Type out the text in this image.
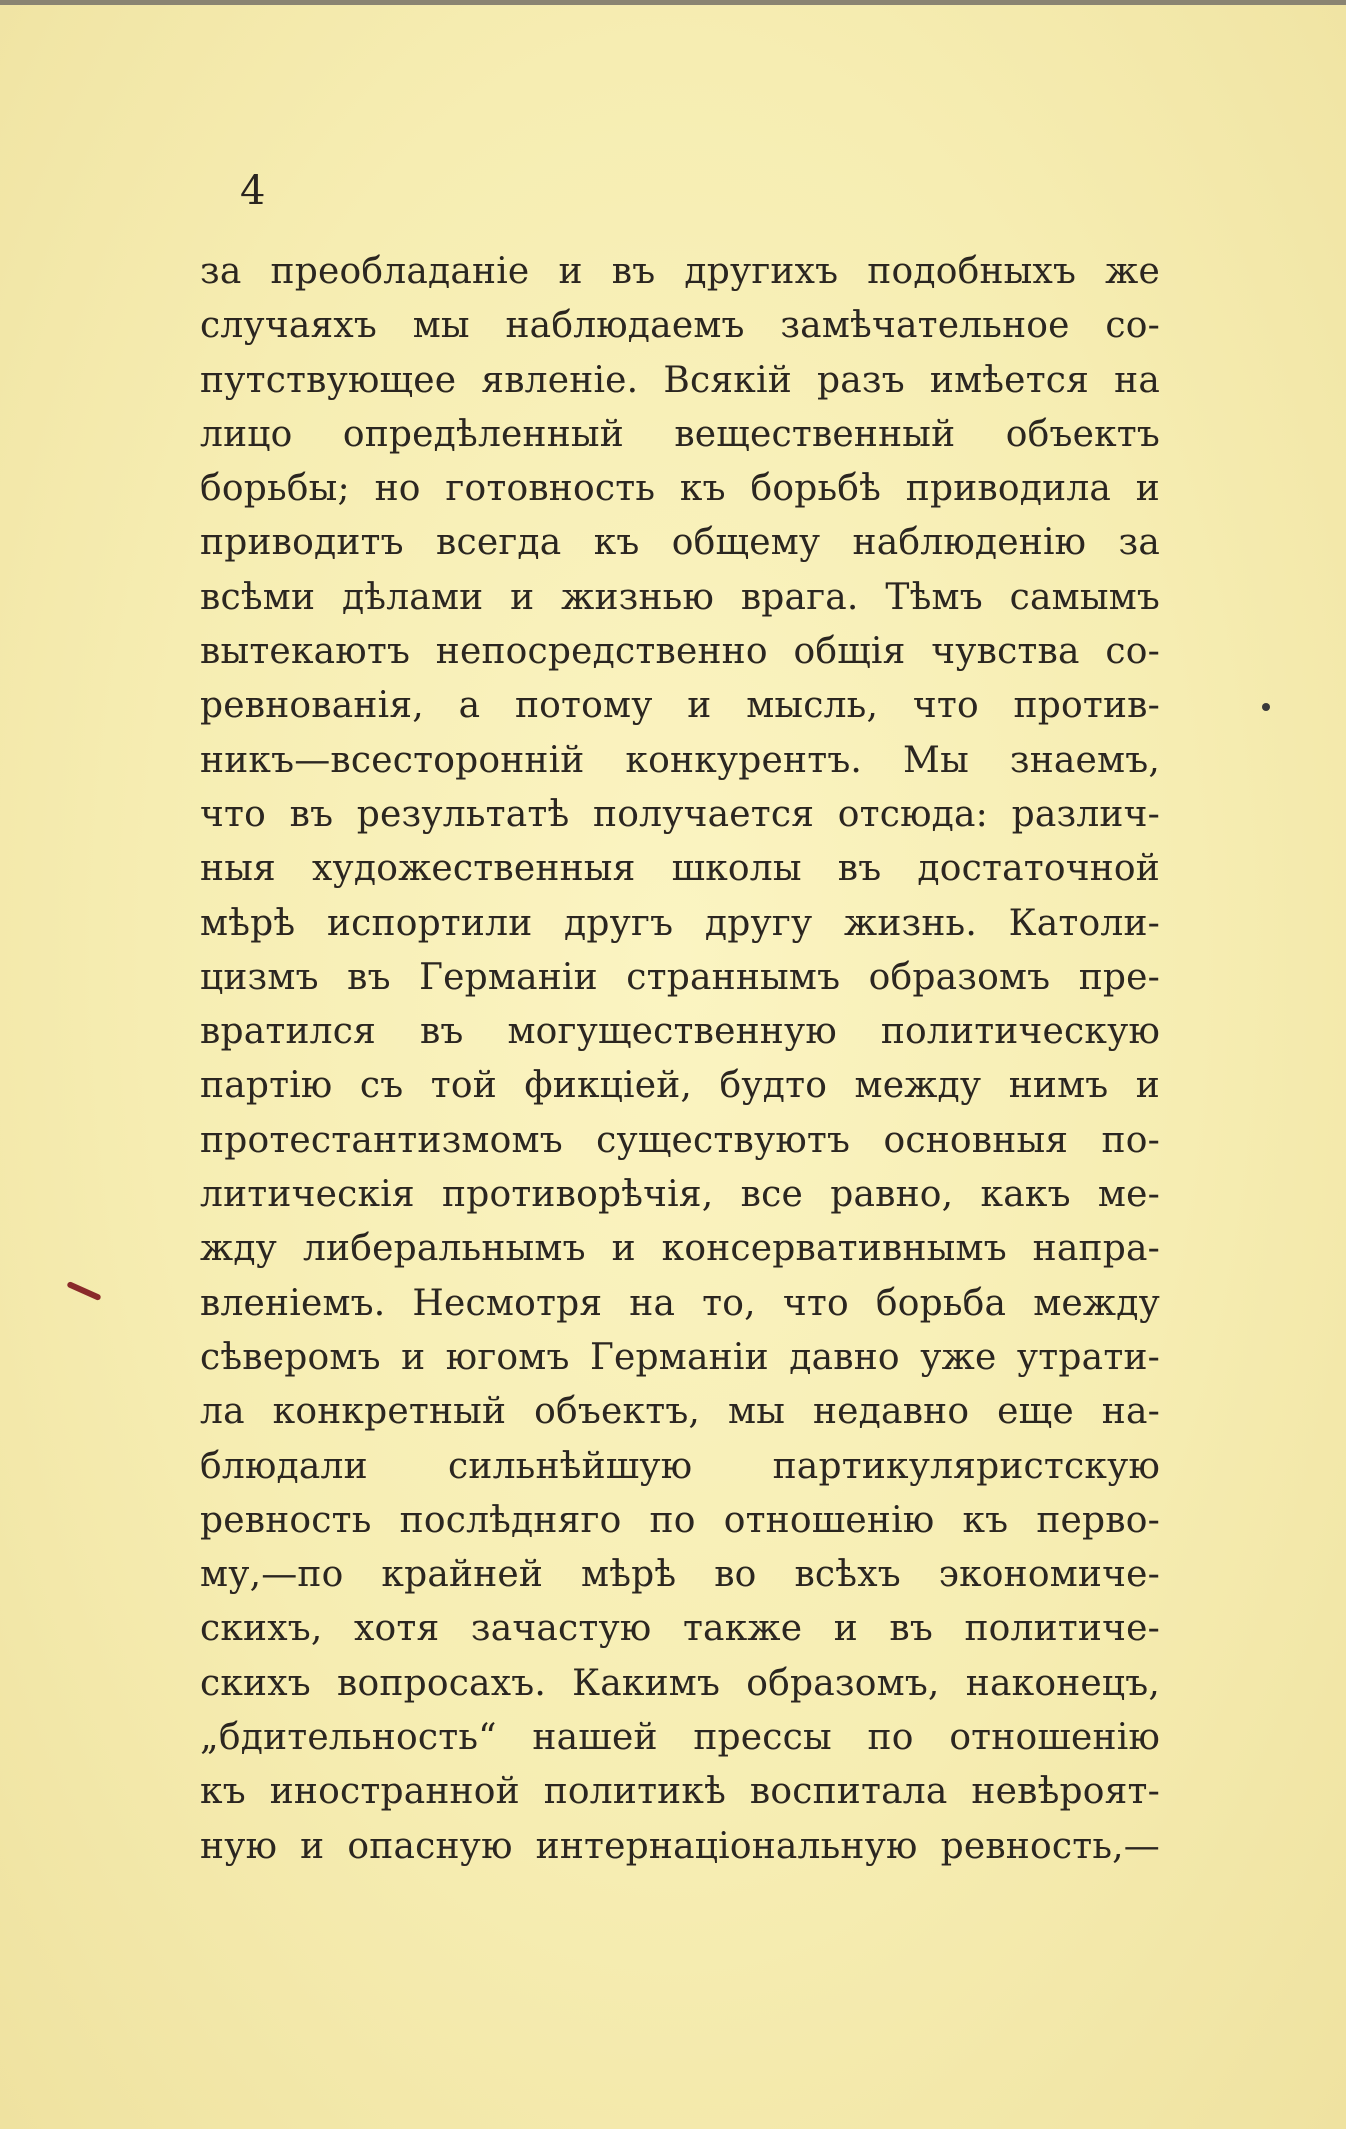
4
за преобладаніе и въ другихъ подобныхъ же
случаяхъ мы наблюдаемъ замѣчательное со-
путствующее явленіе. Всякій разъ имѣется на
лицо опредѣленный вещественный объектъ
борьбы; но готовность къ борьбѣ приводила и
приводитъ всегда къ общему наблюденію за
всѣми дѣлами и жизнью врага. Тѣмъ самымъ
вытекаютъ непосредственно общія чувства со-
ревнованія, а потому и мысль, что против-
никъ—всесторонній конкурентъ. Мы знаемъ,
что въ результатѣ получается отсюда: различ-
ныя художественныя школы въ достаточной
мѣрѣ испортили другъ другу жизнь. Католи-
цизмъ въ Германіи страннымъ образомъ пре-
вратился въ могущественную политическую
партію съ той фикціей, будто между нимъ и
протестантизмомъ существуютъ основныя по-
литическія противорѣчія, все равно, какъ ме-
жду либеральнымъ и консервативнымъ напра-
вленіемъ. Несмотря на то, что борьба между
сѣверомъ и югомъ Германіи давно уже утрати-
ла конкретный объектъ, мы недавно еще на-
блюдали сильнѣйшую партикуляристскую
ревность послѣдняго по отношенію къ перво-
му,—по крайней мѣрѣ во всѣхъ экономиче-
скихъ, хотя зачастую также и въ политиче-
скихъ вопросахъ. Какимъ образомъ, наконецъ,
„бдительность“ нашей прессы по отношенію
къ иностранной политикѣ воспитала невѣроят-
ную и опасную интернаціональную ревность,—
